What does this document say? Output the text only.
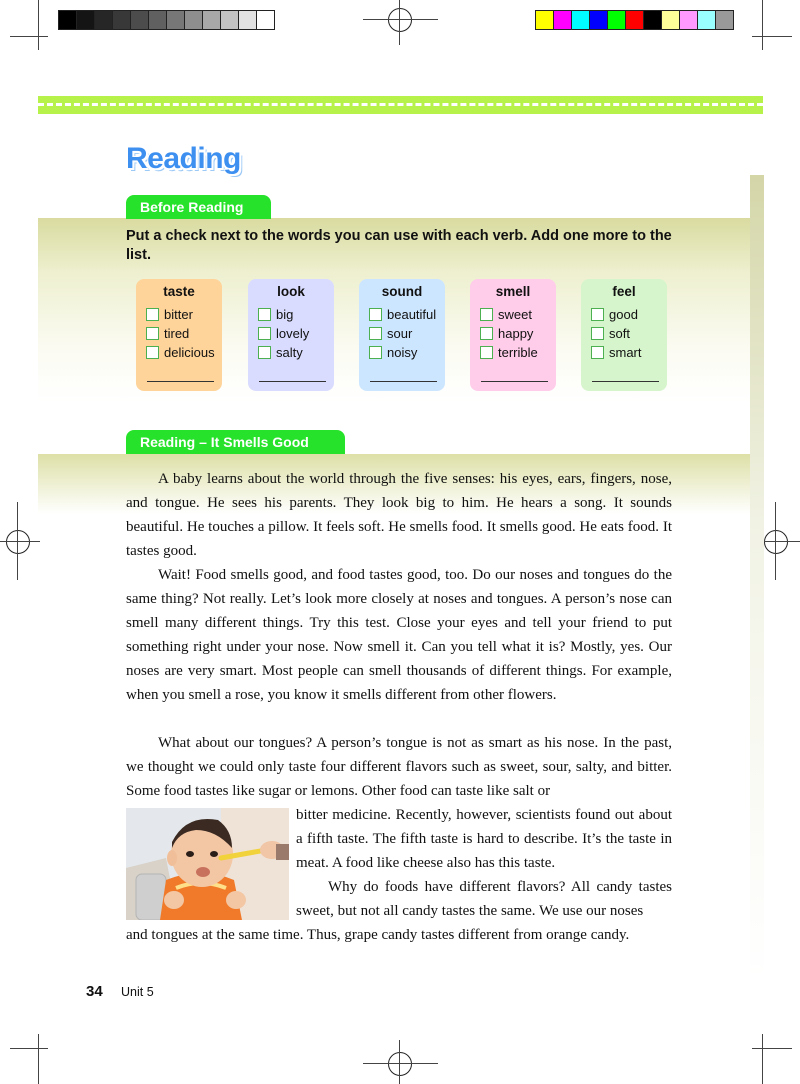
Reading
Before Reading
Put a check next to the words you can use with each verb. Add one more to the list.
taste
bitter
tired
delicious
look
big
lovely
salty
sound
beautiful
sour
noisy
smell
sweet
happy
terrible
feel
good
soft
smart
Reading – It Smells Good

A baby learns about the world through the five senses: his eyes, ears, fingers, nose, and tongue. He sees his parents. They look big to him. He hears a song. It sounds beautiful. He touches a pillow. It feels soft. He smells food. It smells good. He eats food. It tastes good.

Wait! Food smells good, and food tastes good, too. Do our noses and tongues do the same thing? Not really. Let’s look more closely at noses and tongues. A person’s nose can smell many different things. Try this test. Close your eyes and tell your friend to put something right under your nose. Now smell it. Can you tell what it is? Mostly, yes. Our noses are very smart. Most people can smell thousands of different things. For example, when you smell a rose, you know it smells different from other flowers.

What about our tongues? A person’s tongue is not as smart as his nose. In the past, we thought we could only taste four different flavors such as sweet, sour, salty, and bitter. Some food tastes like sugar or lemons. Other food can taste like salt or

bitter medicine. Recently, however, scientists found out about a fifth taste. The fifth taste is hard to describe. It’s the taste in meat. A food like cheese also has this taste.

Why do foods have different flavors? All candy tastes sweet, but not all candy tastes the same. We use our noses

and tongues at the same time. Thus, grape candy tastes different from orange candy.

34 Unit 5
